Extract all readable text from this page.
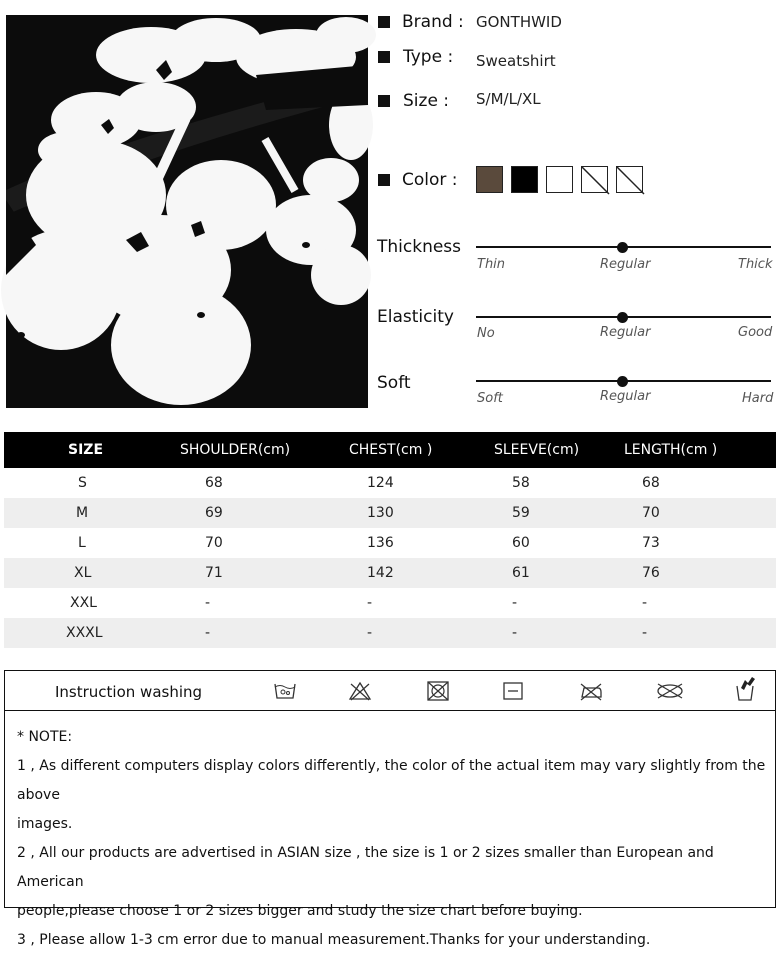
Brand : GONTHWID
Type : Sweatshirt
Size : S/M/L/XL
Color :
Thickness
Thin	Regular	Thick
Elasticity
No	Regular	Good
Soft
Soft	Regular	Hard
SIZE	SHOULDER(cm)	CHEST(cm )	SLEEVE(cm)	LENGTH(cm )
S	68	124	58	68
M	69	130	59	70
L	70	136	60	73
XL	71	142	61	76
XXL	-	-	-	-
XXXL	-	-	-	-
Instruction washing
* NOTE:
1 , As different computers display colors differently, the color of the actual item may vary slightly from the above
images.
2 , All our products are advertised in ASIAN size , the size is 1 or 2 sizes smaller than European and American
people,please choose 1 or 2 sizes bigger and study the size chart before buying.
3 , Please allow 1-3 cm error due to manual measurement.Thanks for your understanding.
